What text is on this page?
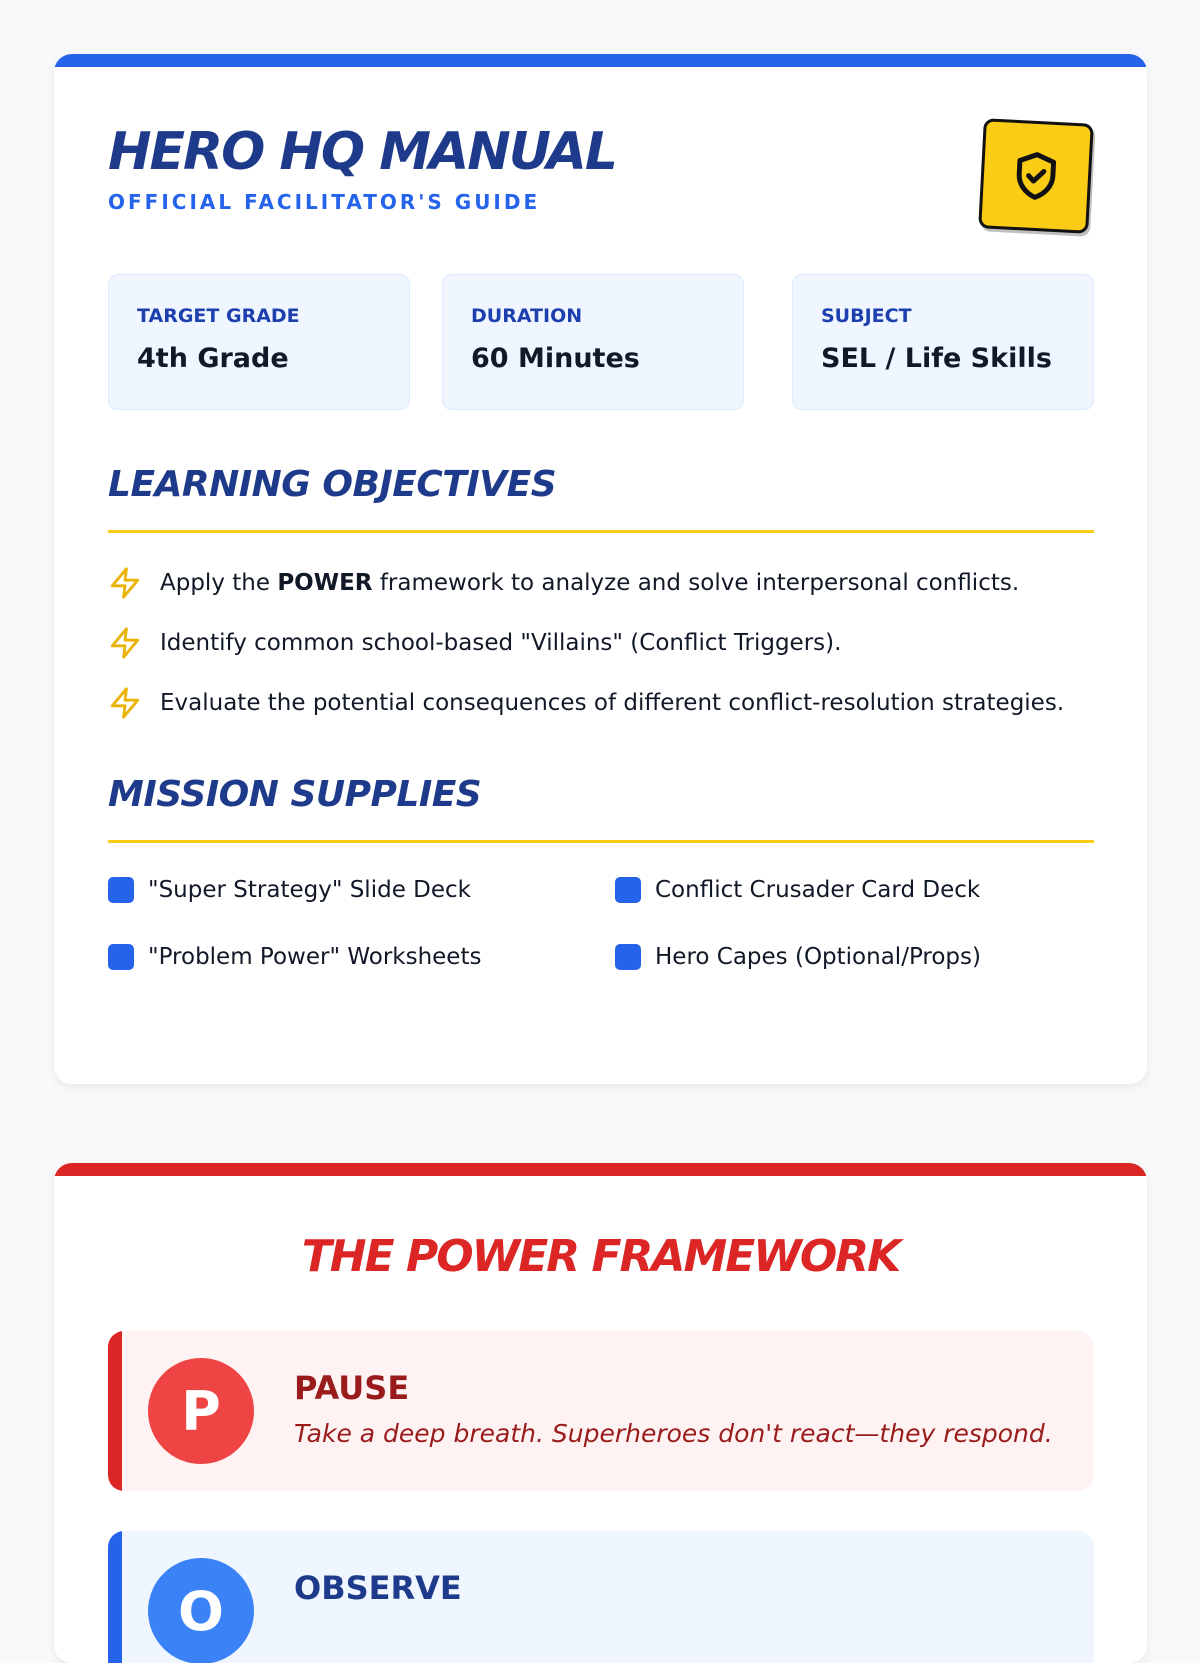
HERO HQ MANUAL
OFFICIAL FACILITATOR'S GUIDE
TARGET GRADE
4th Grade
DURATION
60 Minutes
SUBJECT
SEL / Life Skills
LEARNING OBJECTIVES
Apply the POWER framework to analyze and solve interpersonal conflicts.
Identify common school-based "Villains" (Conflict Triggers).
Evaluate the potential consequences of different conflict-resolution strategies.
MISSION SUPPLIES
"Super Strategy" Slide Deck	Conflict Crusader Card Deck
"Problem Power" Worksheets	Hero Capes (Optional/Props)
THE POWER FRAMEWORK
P	PAUSE
Take a deep breath. Superheroes don't react—they respond.
O	OBSERVE
